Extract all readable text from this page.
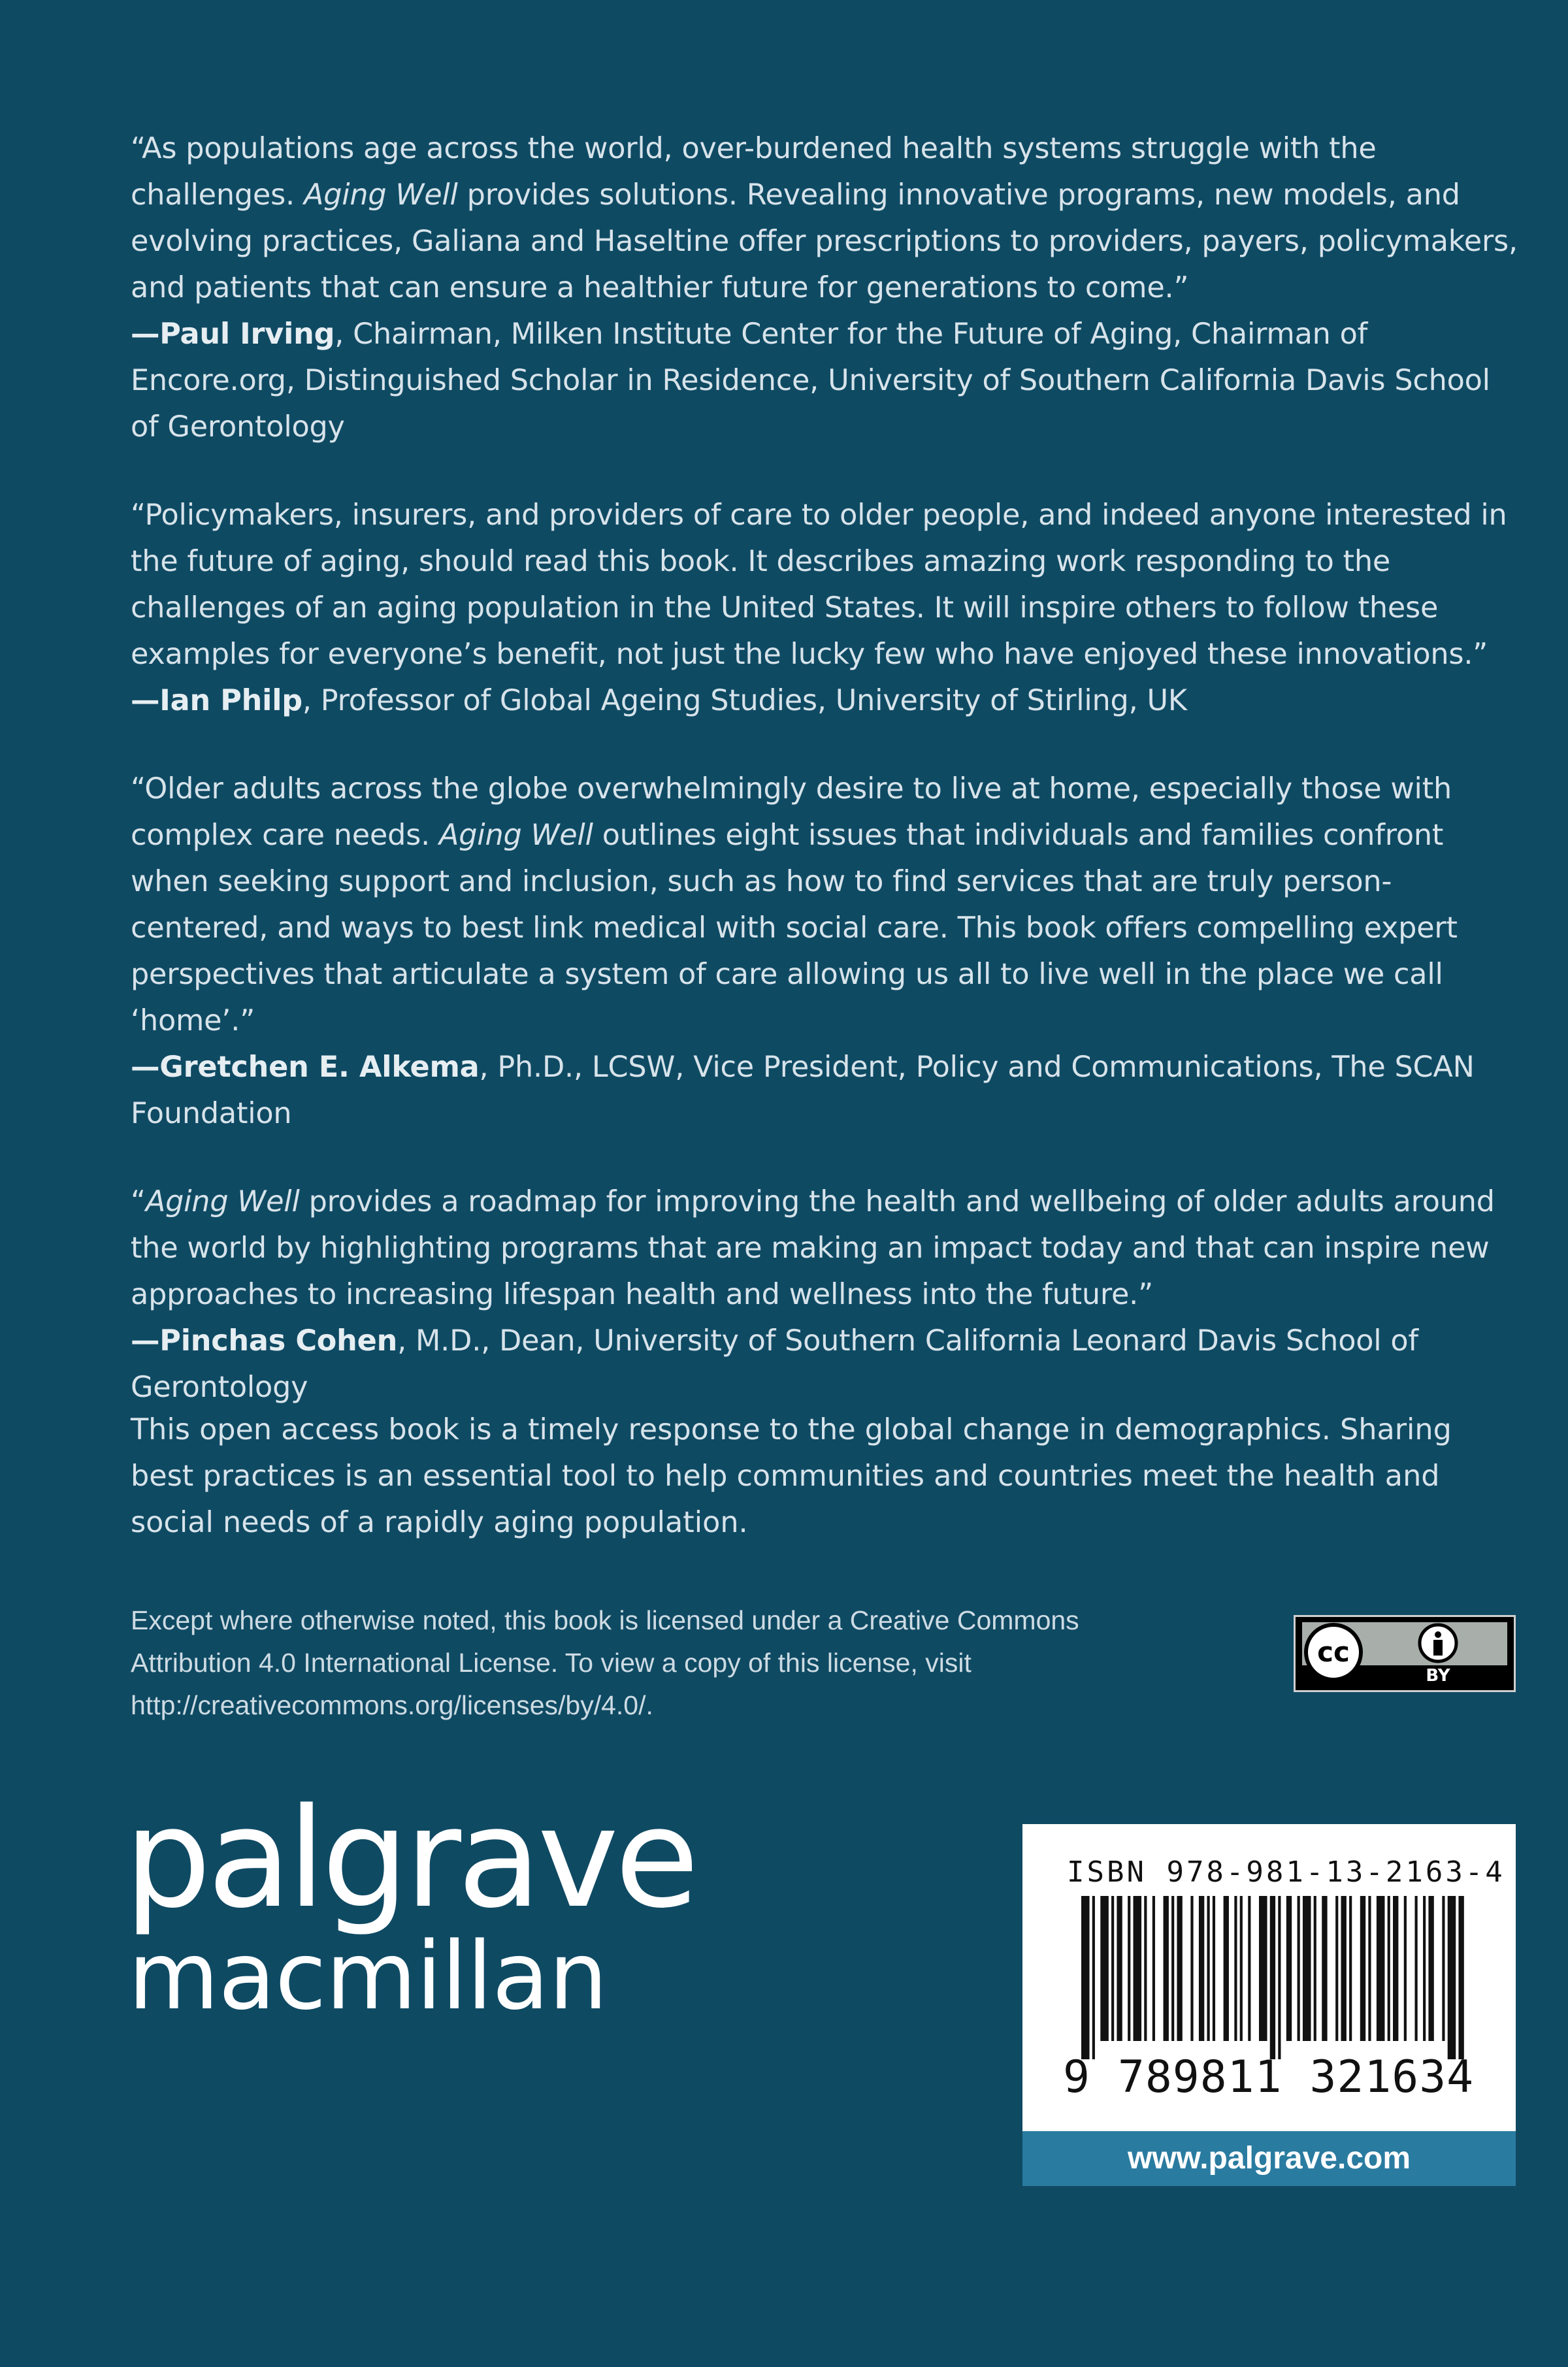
“As populations age across the world, over-burdened health systems struggle with the challenges. Aging Well provides solutions. Revealing innovative programs, new models, and evolving practices, Galiana and Haseltine offer prescriptions to providers, payers, policymakers, and patients that can ensure a healthier future for generations to come.”

—Paul Irving, Chairman, Milken Institute Center for the Future of Aging, Chairman of Encore.org, Distinguished Scholar in Residence, University of Southern California Davis School of Gerontology

“Policymakers, insurers, and providers of care to older people, and indeed anyone interested in the future of aging, should read this book. It describes amazing work responding to the challenges of an aging population in the United States. It will inspire others to follow these examples for everyone’s benefit, not just the lucky few who have enjoyed these innovations.”

—Ian Philp, Professor of Global Ageing Studies, University of Stirling, UK

“Older adults across the globe overwhelmingly desire to live at home, especially those with complex care needs. Aging Well outlines eight issues that individuals and families confront when seeking support and inclusion, such as how to find services that are truly person-centered, and ways to best link medical with social care. This book offers compelling expert perspectives that articulate a system of care allowing us all to live well in the place we call ‘home’.”

—Gretchen E. Alkema, Ph.D., LCSW, Vice President, Policy and Communications, The SCAN Foundation

“Aging Well provides a roadmap for improving the health and wellbeing of older adults around the world by highlighting programs that are making an impact today and that can inspire new approaches to increasing lifespan health and wellness into the future.”

—Pinchas Cohen, M.D., Dean, University of Southern California Leonard Davis School of Gerontology

This open access book is a timely response to the global change in demographics. Sharing best practices is an essential tool to help communities and countries meet the health and social needs of a rapidly aging population.

Except where otherwise noted, this book is licensed under a Creative Commons Attribution 4.0 International License. To view a copy of this license, visit http://creativecommons.org/licenses/by/4.0/.

cc
BY
palgrave
macmillan
ISBN 978-981-13-2163-4
9 789811 321634
www.palgrave.com
